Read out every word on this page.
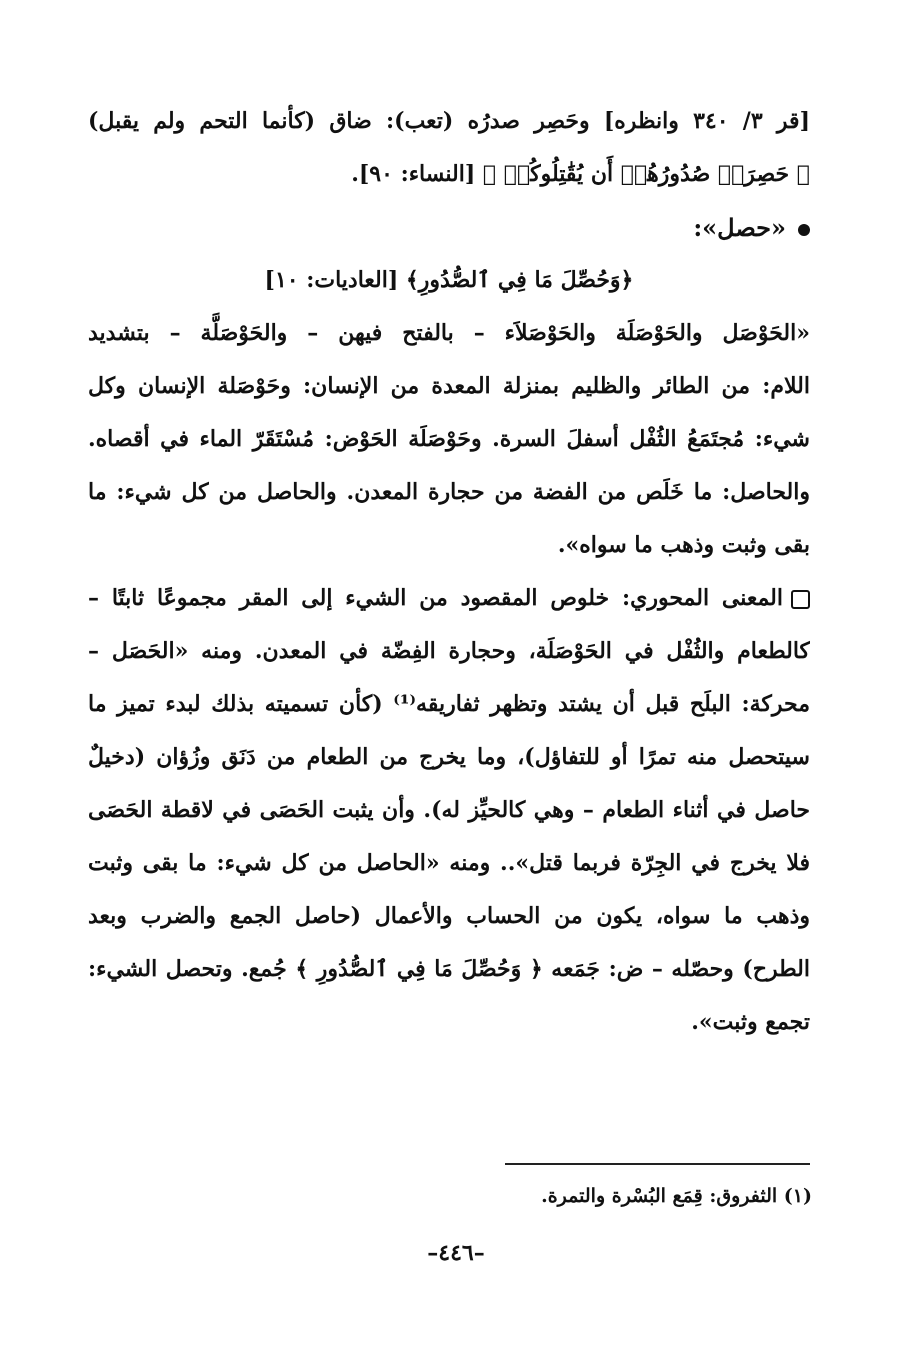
[قر ٣/ ٣٤٠ وانظره] وحَصِر صدرُه (تعب): ضاق (كأنما التحم ولم يقبل)
﴿ حَصِرَتۡ صُدُورُهُمۡ أَن يُقَٰتِلُوكُمۡ ﴾ [النساء: ٩٠].
«حصل»:
﴿وَحُصِّلَ مَا فِي ٱلصُّدُورِ﴾ [العاديات: ١٠]
«الحَوْصَل والحَوْصَلَة والحَوْصَلاَء – بالفتح فيهن – والحَوْصَلَّة – بتشديد
اللام: من الطائر والظليم بمنزلة المعدة من الإنسان: وحَوْصَلة الإنسان وكل
شيء: مُجتَمَعُ الثُفْل أسفلَ السرة. وحَوْصَلَة الحَوْض: مُسْتَقَرّ الماء في أقصاه.
والحاصل: ما خَلَص من الفضة من حجارة المعدن. والحاصل من كل شيء: ما
بقى وثبت وذهب ما سواه».
المعنى المحوري: خلوص المقصود من الشيء إلى المقر مجموعًا ثابتًا –
كالطعام والثُفْل في الحَوْصَلَة، وحجارة الفِضّة في المعدن. ومنه «الحَصَل –
محركة: البلَح قبل أن يشتد وتظهر ثفاريقه⁽¹⁾ (كأن تسميته بذلك لبدء تميز ما
سيتحصل منه تمرًا أو للتفاؤل)، وما يخرج من الطعام من دَنَق وزُؤان (دخيلٌ
حاصل في أثناء الطعام – وهي كالحيِّز له). وأن يثبت الحَصَى في لاقطة الحَصَى
فلا يخرج في الجِرّة فربما قتل».. ومنه «الحاصل من كل شيء: ما بقى وثبت
وذهب ما سواه، يكون من الحساب والأعمال (حاصل الجمع والضرب وبعد
الطرح) وحصّله – ض: جَمَعه ﴿ وَحُصِّلَ مَا فِي ٱلصُّدُورِ ﴾ جُمع. وتحصل الشيء:
تجمع وثبت».
(١) الثفروق: قِمَع البُسْرة والتمرة.
–٤٤٦–
